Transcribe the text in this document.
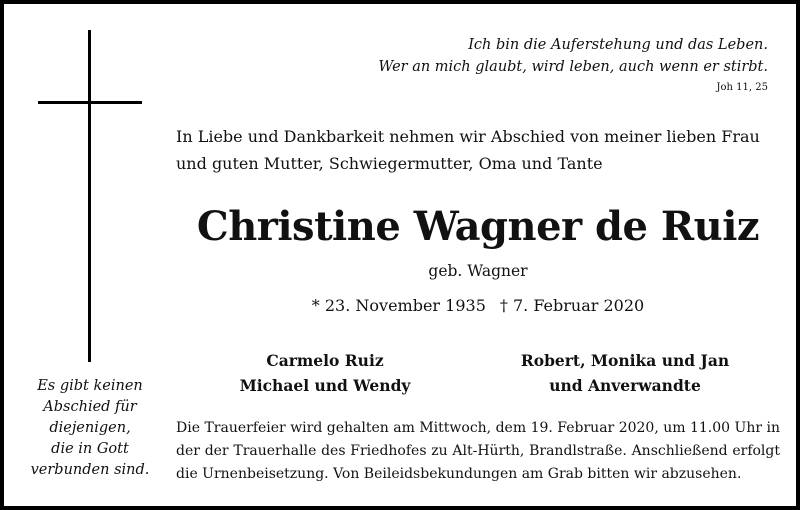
Ich bin die Auferstehung und das Leben.
Wer an mich glaubt, wird leben, auch wenn er stirbt.
Joh 11, 25
Es gibt keinen
Abschied für
diejenigen,
die in Gott
verbunden sind.
In Liebe und Dankbarkeit nehmen wir Abschied von meiner lieben Frau
und guten Mutter, Schwiegermutter, Oma und Tante
Christine Wagner de Ruiz
geb. Wagner
* 23. November 1935 † 7. Februar 2020
Carmelo Ruiz
Michael und Wendy
Robert, Monika und Jan
und Anverwandte
Die Trauerfeier wird gehalten am Mittwoch, dem 19. Februar 2020, um 11.00 Uhr in der der Trauerhalle des Friedhofes zu Alt-Hürth, Brandlstraße. Anschließend erfolgt die Urnenbeisetzung. Von Beileidsbekundungen am Grab bitten wir abzusehen.
